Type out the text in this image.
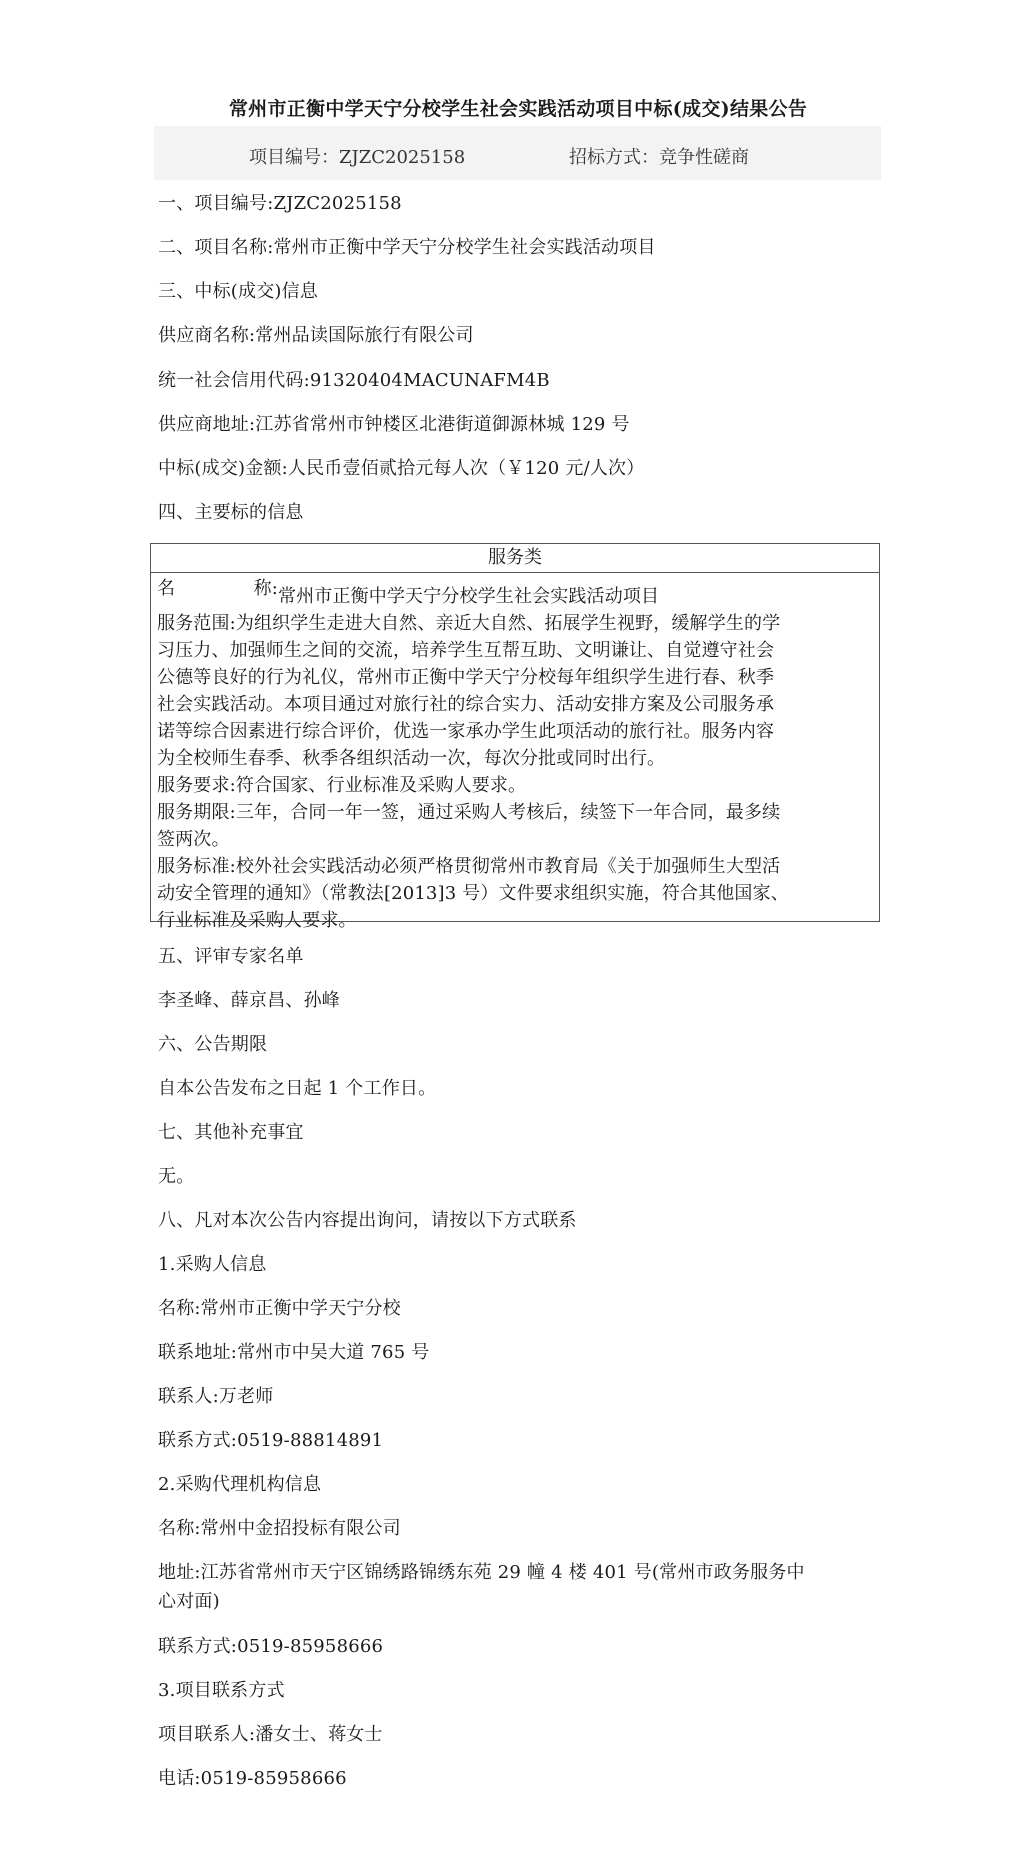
常州市正衡中学天宁分校学生社会实践活动项目中标(成交)结果公告
项目编号：ZJZC2025158	招标方式：竞争性磋商
一、项目编号:ZJZC2025158
二、项目名称:常州市正衡中学天宁分校学生社会实践活动项目
三、中标(成交)信息
供应商名称:常州品读国际旅行有限公司
统一社会信用代码:91320404MACUNAFM4B
供应商地址:江苏省常州市钟楼区北港街道御源林城 129 号
中标(成交)金额:人民币壹佰贰拾元每人次（￥120 元/人次）
四、主要标的信息
服务类

名	称: 常州市正衡中学天宁分校学生社会实践活动项目

服务范围:为组织学生走进大自然、亲近大自然、拓展学生视野，缓解学生的学
习压力、加强师生之间的交流，培养学生互帮互助、文明谦让、自觉遵守社会
公德等良好的行为礼仪，常州市正衡中学天宁分校每年组织学生进行春、秋季
社会实践活动。本项目通过对旅行社的综合实力、活动安排方案及公司服务承
诺等综合因素进行综合评价，优选一家承办学生此项活动的旅行社。服务内容
为全校师生春季、秋季各组织活动一次，每次分批或同时出行。

服务要求:符合国家、行业标准及采购人要求。

服务期限:三年，合同一年一签，通过采购人考核后，续签下一年合同，最多续
签两次。

服务标准:校外社会实践活动必须严格贯彻常州市教育局《关于加强师生大型活
动安全管理的通知》（常教法[2013]3 号）文件要求组织实施，符合其他国家、
行业标准及采购人要求。

五、评审专家名单
李圣峰、薛京昌、孙峰
六、公告期限
自本公告发布之日起 1 个工作日。
七、其他补充事宜
无。
八、凡对本次公告内容提出询问，请按以下方式联系
1.采购人信息
名称:常州市正衡中学天宁分校
联系地址:常州市中吴大道 765 号
联系人:万老师
联系方式:0519-88814891
2.采购代理机构信息
名称:常州中金招投标有限公司
地址:江苏省常州市天宁区锦绣路锦绣东苑 29 幢 4 楼 401 号(常州市政务服务中
心对面)
联系方式:0519-85958666
3.项目联系方式
项目联系人:潘女士、蒋女士
电话:0519-85958666
